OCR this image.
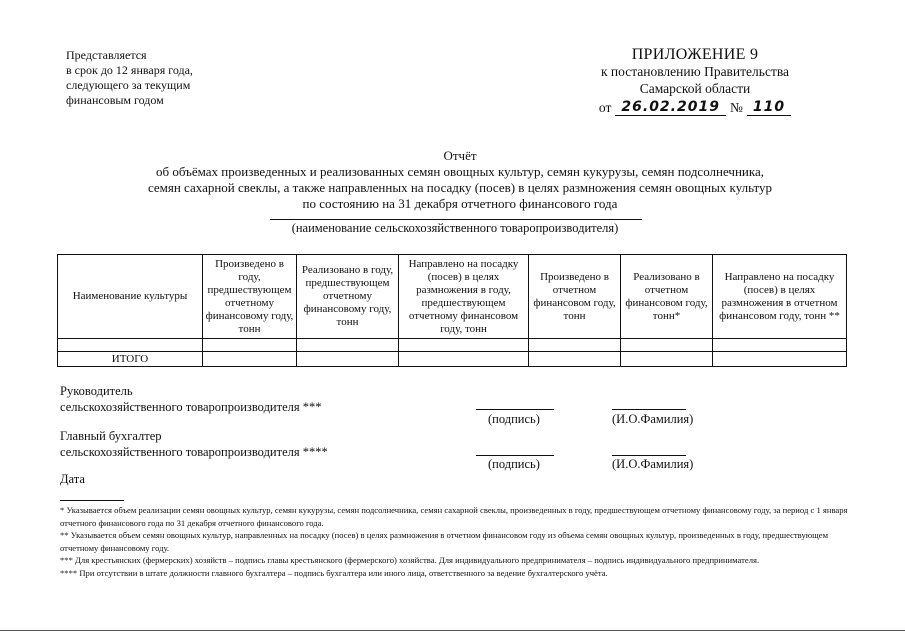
Представляется
в срок до 12 января года,
следующего за текущим
финансовым годом
ПРИЛОЖЕНИЕ 9
к постановлению Правительства
Самарской области
от 26.02.2019 № 110
Отчёт
об объёмах произведенных и реализованных семян овощных культур, семян кукурузы, семян подсолнечника,
семян сахарной свеклы, а также направленных на посадку (посев) в целях размножения семян овощных культур
по состоянию на 31 декабря отчетного финансового года
(наименование сельскохозяйственного товаропроизводителя)
Наименование культуры	Произведено в году, предшествующем отчетному финансовому году, тонн	Реализовано в году, предшествующем отчетному финансовому году, тонн	Направлено на посадку (посев) в целях размножения в году, предшествующем отчетному финансовом году, тонн	Произведено в отчетном финансовом году, тонн	Реализовано в отчетном финансовом году, тонн*	Направлено на посадку (посев) в целях размножения в отчетном финансовом году, тонн **

ИТОГО						
Руководитель
сельскохозяйственного товаропроизводителя ***
(подпись)	(И.О.Фамилия)
Главный бухгалтер
сельскохозяйственного товаропроизводителя ****
(подпись)	(И.О.Фамилия)
Дата
* Указывается объем реализации семян овощных культур, семян кукурузы, семян подсолнечника, семян сахарной свеклы, произведенных в году, предшествующем отчетному финансовому году, за период с 1 января отчетного финансового года по 31 декабря отчетного финансового года.
** Указывается объем семян овощных культур, направленных на посадку (посев) в целях размножения в отчетном финансовом году из объема семян овощных культур, произведенных в году, предшествующем отчетному финансовому году.
*** Для крестьянских (фермерских) хозяйств – подпись главы крестьянского (фермерского) хозяйства. Для индивидуального предпринимателя – подпись индивидуального предпринимателя.
**** При отсутствии в штате должности главного бухгалтера – подпись бухгалтера или иного лица, ответственного за ведение бухгалтерского учёта.
